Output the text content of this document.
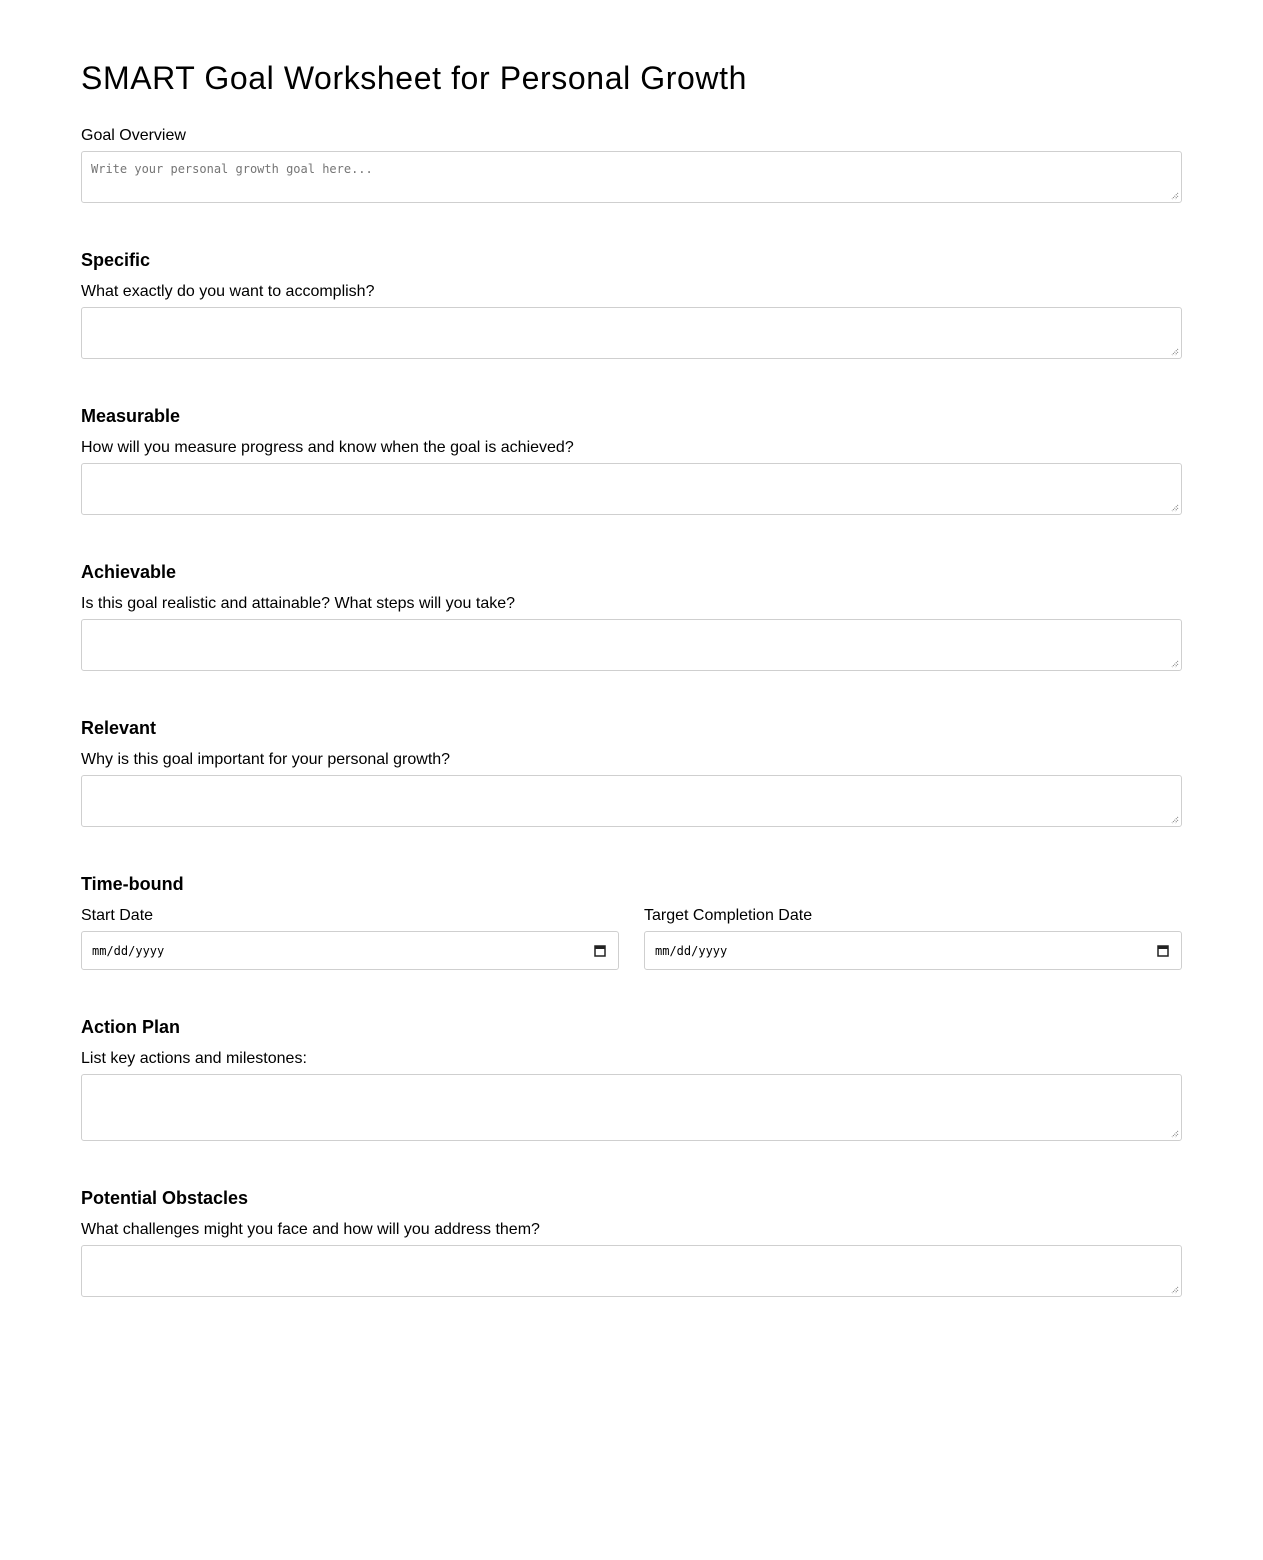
SMART Goal Worksheet for Personal Growth
Goal Overview
Write your personal growth goal here...
Specific
What exactly do you want to accomplish?
Measurable
How will you measure progress and know when the goal is achieved?
Achievable
Is this goal realistic and attainable? What steps will you take?
Relevant
Why is this goal important for your personal growth?
Time-bound
Start Date
mm/dd/yyyy
Target Completion Date
mm/dd/yyyy
Action Plan
List key actions and milestones:
Potential Obstacles
What challenges might you face and how will you address them?
